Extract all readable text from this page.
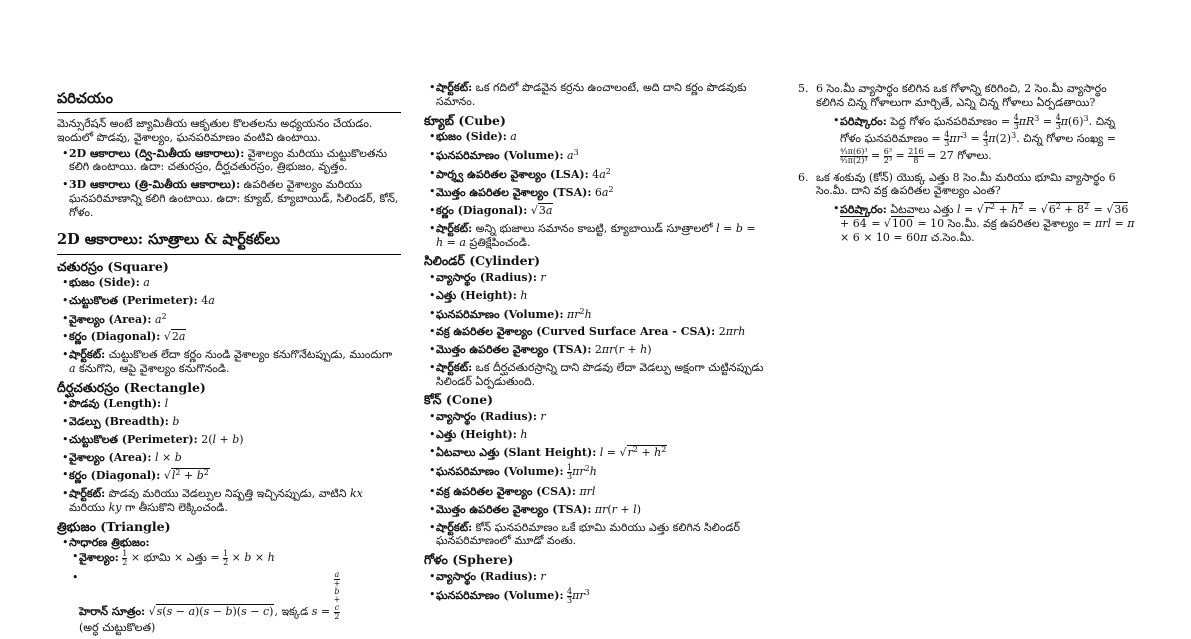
పరిచయం

మెన్సురేషన్ అంటే జ్యామితీయ ఆకృతుల కొలతలను అధ్యయనం చేయడం. ఇందులో పొడవు, వైశాల్యం, ఘనపరిమాణం వంటివి ఉంటాయి.

• 2D ఆకారాలు (ద్వి-మితీయ ఆకారాలు): వైశాల్యం మరియు చుట్టుకొలతను కలిగి ఉంటాయి. ఉదా: చతురస్రం, దీర్ఘచతురస్రం, త్రిభుజం, వృత్తం.
• 3D ఆకారాలు (త్రి-మితీయ ఆకారాలు): ఉపరితల వైశాల్యం మరియు ఘనపరిమాణాన్ని కలిగి ఉంటాయి. ఉదా: క్యూబ్, క్యూబాయిడ్, సిలిండర్, కోన్, గోళం.
2D ఆకారాలు: సూత్రాలు & షార్ట్‌కట్‌లు
చతురస్రం (Square)
• భుజం (Side): a
• చుట్టుకొలత (Perimeter): 4a
• వైశాల్యం (Area): $a^2$
• కర్ణం (Diagonal): √2a
• షార్ట్‌కట్: చుట్టుకొలత లేదా కర్ణం నుండి వైశాల్యం కనుగొనేటప్పుడు, ముందుగా a కనుగొని, ఆపై వైశాల్యం కనుగొనండి.
దీర్ఘచతురస్రం (Rectangle)
• పొడవు (Length): l
• వెడల్పు (Breadth): b
• చుట్టుకొలత (Perimeter): 2(l + b)
• వైశాల్యం (Area): l × b
• కర్ణం (Diagonal): $√l^2 + b^2$
• షార్ట్‌కట్: పొడవు మరియు వెడల్పుల నిష్పత్తి ఇచ్చినప్పుడు, వాటిని kx మరియు ky గా తీసుకొని లెక్కించండి.
త్రిభుజం (Triangle)
• సాధారణ త్రిభుజం:
• వైశాల్యం: $\frac{1}{2}$ × భూమి × ఎత్తు = $\frac{1}{2} \times b \times h$
• హెరాన్ సూత్రం: √s(s − a)(s − b)(s − c), ఇక్కడ s = a
+
b
+
c
2

(అర్ధ చుట్టుకొలత)
• షార్ట్‌కట్: ఒక గదిలో పొడవైన కర్రను ఉంచాలంటే, అది దాని కర్ణం పొడవుకు సమానం.
క్యూబ్ (Cube)
• భుజం (Side): a
• ఘనపరిమాణం (Volume): $a^3$
• పార్శ్వ ఉపరితల వైశాల్యం (LSA): $4a^2$
• మొత్తం ఉపరితల వైశాల్యం (TSA): $6a^2$
• కర్ణం (Diagonal): √3a
• షార్ట్‌కట్: అన్ని భుజాలు సమానం కాబట్టి, క్యూబాయిడ్ సూత్రాలలో l = b = h = a ప్రతిక్షేపించండి.
సిలిండర్ (Cylinder)
• వ్యాసార్థం (Radius): r
• ఎత్తు (Height): h
• ఘనపరిమాణం (Volume): $\pi r^2h$
• వక్ర ఉపరితల వైశాల్యం (Curved Surface Area - CSA): 2πrh
• మొత్తం ఉపరితల వైశాల్యం (TSA): 2πr(r + h)
• షార్ట్‌కట్: ఒక దీర్ఘచతురస్రాన్ని దాని పొడవు లేదా వెడల్పు అక్షంగా చుట్టినప్పుడు సిలిండర్ ఏర్పడుతుంది.
కోన్ (Cone)
• వ్యాసార్థం (Radius): r
• ఎత్తు (Height): h
• ఏటవాలు ఎత్తు (Slant Height): $l = √r^2 + h^2$
• ఘనపరిమాణం (Volume): $\frac{1}{3} \pi r^2h$
• వక్ర ఉపరితల వైశాల్యం (CSA): πrl
• మొత్తం ఉపరితల వైశాల్యం (TSA): πr(r + l)
• షార్ట్‌కట్: కోన్ ఘనపరిమాణం ఒకే భూమి మరియు ఎత్తు కలిగిన సిలిండర్ ఘనపరిమాణంలో మూడో వంతు.
గోళం (Sphere)
• వ్యాసార్థం (Radius): r
• ఘనపరిమాణం (Volume): $\frac{4}{3} \pi r^3$
5. 6 సెం.మీ వ్యాసార్థం కలిగిన ఒక గోళాన్ని కరిగించి, 2 సెం.మీ వ్యాసార్థం కలిగిన చిన్న గోళాలుగా మార్చితే, ఎన్ని చిన్న గోళాలు ఏర్పడతాయి?
• పరిష్కారం: పెద్ద గోళం ఘనపరిమాణం = $\frac{4}{3} \pi R^3 = \frac{4}{3} \pi(6)^3$. చిన్న గోళం ఘనపరిమాణం = $\frac{4}{3} \pi r^3 = \frac{4}{3} \pi(2)^3$. చిన్న గోళాల సంఖ్య =
$\frac{\text{⁴⁄₃π(6)³}}{\text{⁴⁄₃π(2)³}} = \frac{\text{6³}}{\text{2³}} = \frac{216}{8} = 27$ గోళాలు.
6. ఒక శంకువు (కోన్) యొక్క ఎత్తు 8 సెం.మీ మరియు భూమి వ్యాసార్థం 6 సెం.మీ. దాని వక్ర ఉపరితల వైశాల్యం ఎంత?
• పరిష్కారం: ఏటవాలు ఎత్తు $l = √r^2 + h^2 = √6^2 + 8^2 = √36 + 64 = √100 = 10$ సెం.మీ. వక్ర ఉపరితల వైశాల్యం = πrl = π × 6 × 10 = 60π చ.సెం.మీ.
